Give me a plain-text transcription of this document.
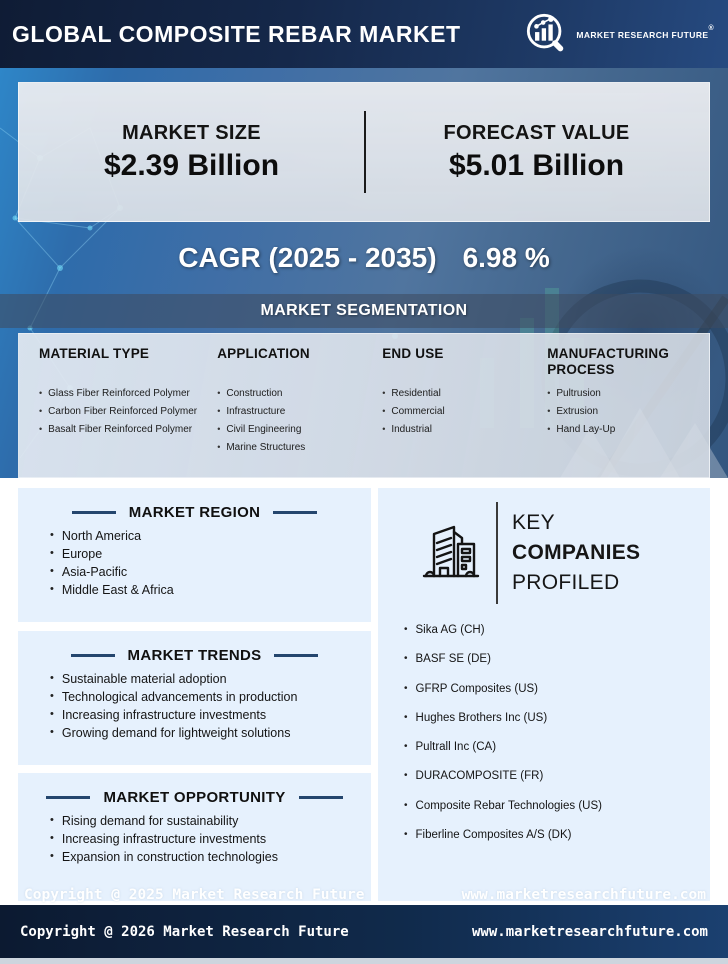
GLOBAL COMPOSITE REBAR MARKET	MARKET RESEARCH FUTURE®
MARKET SIZE
$2.39 Billion
FORECAST VALUE
$5.01 Billion
CAGR (2025 - 2035) 6.98 %
MARKET SEGMENTATION
MATERIAL TYPE
• Glass Fiber Reinforced Polymer
• Carbon Fiber Reinforced Polymer
• Basalt Fiber Reinforced Polymer
APPLICATION
• Construction
• Infrastructure
• Civil Engineering
• Marine Structures
END USE
• Residential
• Commercial
• Industrial
MANUFACTURING PROCESS
• Pultrusion
• Extrusion
• Hand Lay-Up
MARKET REGION
• North America
• Europe
• Asia-Pacific
• Middle East & Africa
MARKET TRENDS
• Sustainable material adoption
• Technological advancements in production
• Increasing infrastructure investments
• Growing demand for lightweight solutions
MARKET OPPORTUNITY
• Rising demand for sustainability
• Increasing infrastructure investments
• Expansion in construction technologies
KEY
COMPANIES
PROFILED
• Sika AG (CH)
• BASF SE (DE)
• GFRP Composites (US)
• Hughes Brothers Inc (US)
• Pultrall Inc (CA)
• DURACOMPOSITE (FR)
• Composite Rebar Technologies (US)
• Fiberline Composites A/S (DK)
Copyright @ 2025 Market Research Future	www.marketresearchfuture.com
Copyright @ 2026 Market Research Future	www.marketresearchfuture.com
